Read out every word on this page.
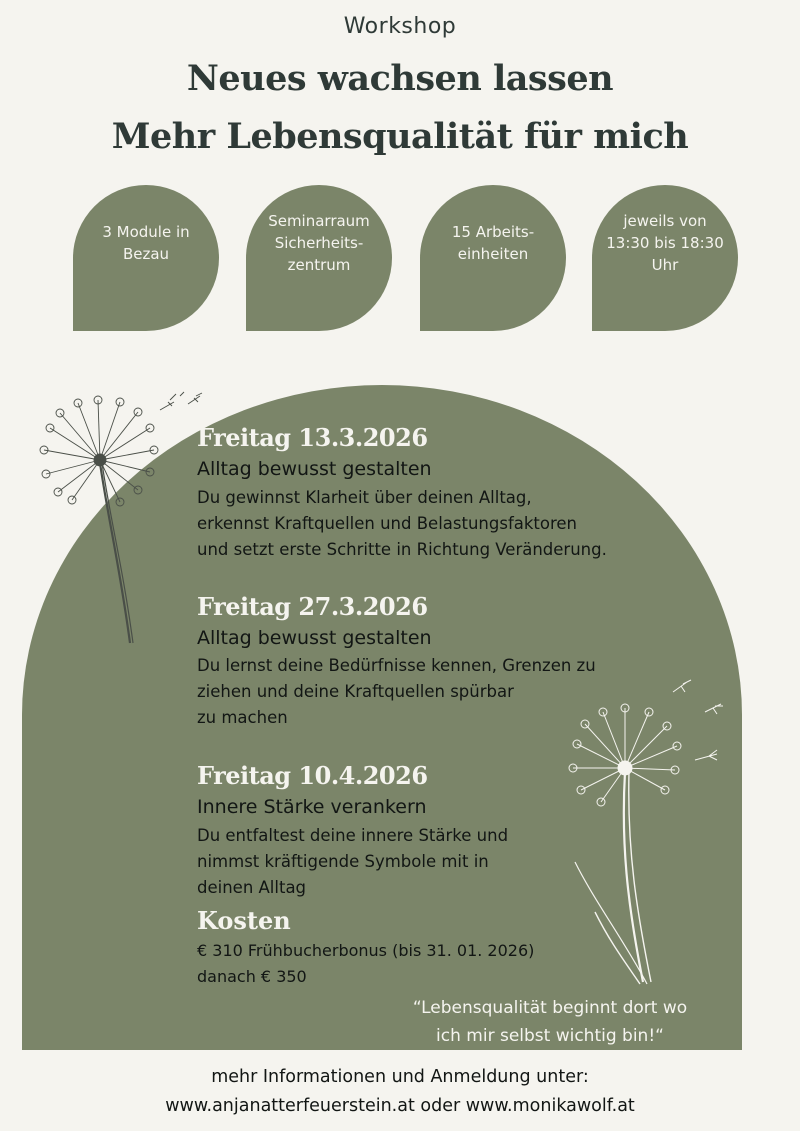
Workshop
Neues wachsen lassen
Mehr Lebensqualität für mich
3 Module in
Bezau
Seminarraum
Sicherheits-
zentrum
15 Arbeits-
einheiten
jeweils von
13:30 bis 18:30
Uhr
Freitag 13.3.2026
Alltag bewusst gestalten
Du gewinnst Klarheit über deinen Alltag,
erkennst Kraftquellen und Belastungsfaktoren
und setzt erste Schritte in Richtung Veränderung.
Freitag 27.3.2026
Alltag bewusst gestalten
Du lernst deine Bedürfnisse kennen, Grenzen zu
ziehen und deine Kraftquellen spürbar
zu machen
Freitag 10.4.2026
Innere Stärke verankern
Du entfaltest deine innere Stärke und
nimmst kräftigende Symbole mit in
deinen Alltag
Kosten
€ 310 Frühbucherbonus (bis 31. 01. 2026)
danach € 350
“Lebensqualität beginnt dort wo
ich mir selbst wichtig bin!“
mehr Informationen und Anmeldung unter:
www.anjanatterfeuerstein.at oder www.monikawolf.at
